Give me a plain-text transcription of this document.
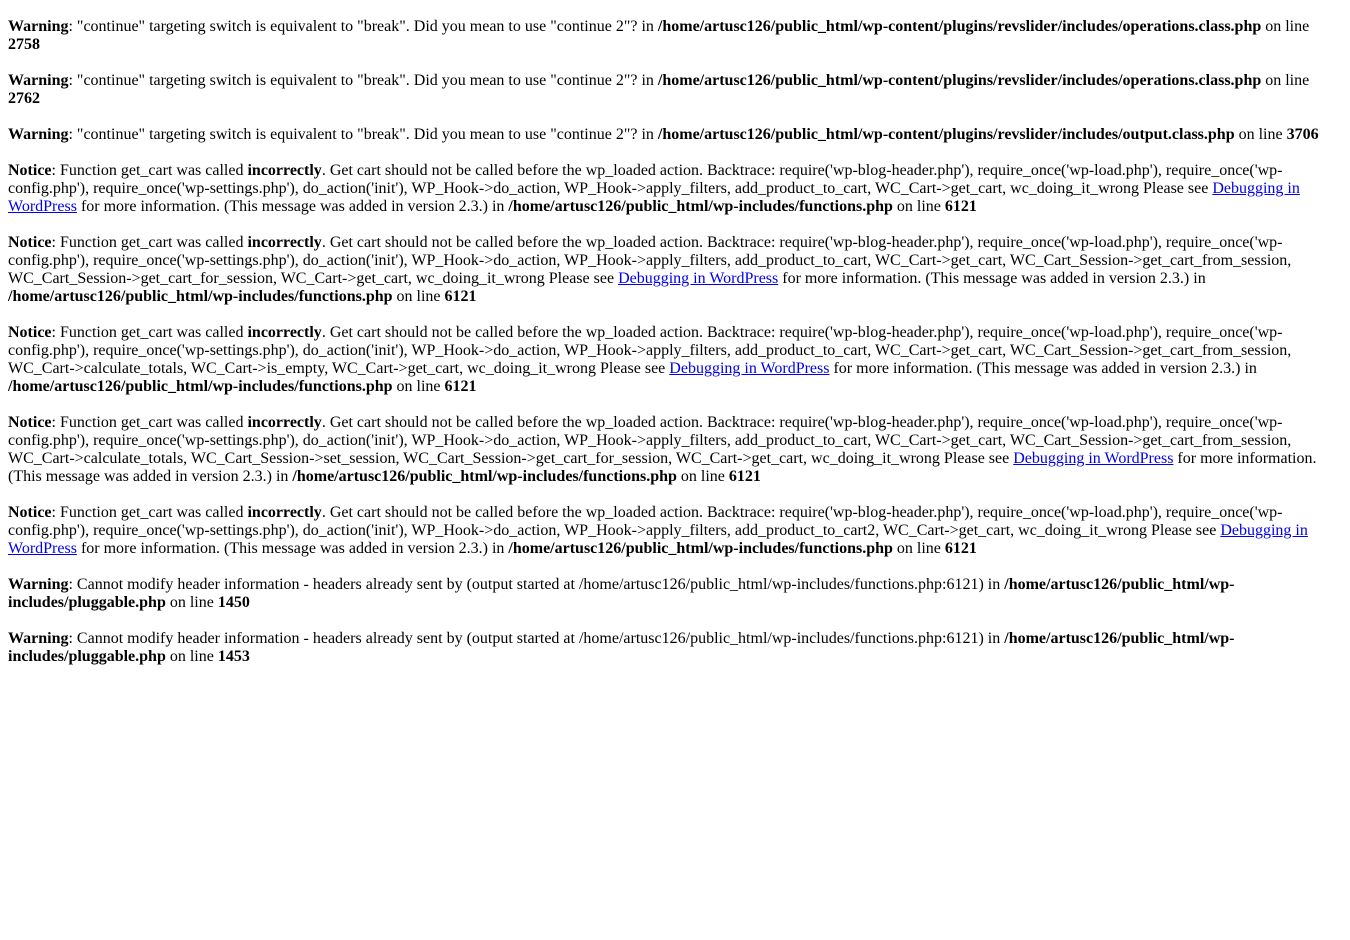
Warning: "continue" targeting switch is equivalent to "break". Did you mean to use "continue 2"? in /home/artusc126/public_html/wp-content/plugins/revslider/includes/operations.class.php on line 2758
Warning: "continue" targeting switch is equivalent to "break". Did you mean to use "continue 2"? in /home/artusc126/public_html/wp-content/plugins/revslider/includes/operations.class.php on line 2762
Warning: "continue" targeting switch is equivalent to "break". Did you mean to use "continue 2"? in /home/artusc126/public_html/wp-content/plugins/revslider/includes/output.class.php on line 3706
Notice: Function get_cart was called incorrectly. Get cart should not be called before the wp_loaded action. Backtrace: require('wp-blog-header.php'), require_once('wp-load.php'), require_once('wp-config.php'), require_once('wp-settings.php'), do_action('init'), WP_Hook->do_action, WP_Hook->apply_filters, add_product_to_cart, WC_Cart->get_cart, wc_doing_it_wrong Please see Debugging in WordPress for more information. (This message was added in version 2.3.) in /home/artusc126/public_html/wp-includes/functions.php on line 6121
Notice: Function get_cart was called incorrectly. Get cart should not be called before the wp_loaded action. Backtrace: require('wp-blog-header.php'), require_once('wp-load.php'), require_once('wp-config.php'), require_once('wp-settings.php'), do_action('init'), WP_Hook->do_action, WP_Hook->apply_filters, add_product_to_cart, WC_Cart->get_cart, WC_Cart_Session->get_cart_from_session, WC_Cart_Session->get_cart_for_session, WC_Cart->get_cart, wc_doing_it_wrong Please see Debugging in WordPress for more information. (This message was added in version 2.3.) in /home/artusc126/public_html/wp-includes/functions.php on line 6121
Notice: Function get_cart was called incorrectly. Get cart should not be called before the wp_loaded action. Backtrace: require('wp-blog-header.php'), require_once('wp-load.php'), require_once('wp-config.php'), require_once('wp-settings.php'), do_action('init'), WP_Hook->do_action, WP_Hook->apply_filters, add_product_to_cart, WC_Cart->get_cart, WC_Cart_Session->get_cart_from_session, WC_Cart->calculate_totals, WC_Cart->is_empty, WC_Cart->get_cart, wc_doing_it_wrong Please see Debugging in WordPress for more information. (This message was added in version 2.3.) in /home/artusc126/public_html/wp-includes/functions.php on line 6121
Notice: Function get_cart was called incorrectly. Get cart should not be called before the wp_loaded action. Backtrace: require('wp-blog-header.php'), require_once('wp-load.php'), require_once('wp-config.php'), require_once('wp-settings.php'), do_action('init'), WP_Hook->do_action, WP_Hook->apply_filters, add_product_to_cart, WC_Cart->get_cart, WC_Cart_Session->get_cart_from_session, WC_Cart->calculate_totals, WC_Cart_Session->set_session, WC_Cart_Session->get_cart_for_session, WC_Cart->get_cart, wc_doing_it_wrong Please see Debugging in WordPress for more information. (This message was added in version 2.3.) in /home/artusc126/public_html/wp-includes/functions.php on line 6121
Notice: Function get_cart was called incorrectly. Get cart should not be called before the wp_loaded action. Backtrace: require('wp-blog-header.php'), require_once('wp-load.php'), require_once('wp-config.php'), require_once('wp-settings.php'), do_action('init'), WP_Hook->do_action, WP_Hook->apply_filters, add_product_to_cart2, WC_Cart->get_cart, wc_doing_it_wrong Please see Debugging in WordPress for more information. (This message was added in version 2.3.) in /home/artusc126/public_html/wp-includes/functions.php on line 6121
Warning: Cannot modify header information - headers already sent by (output started at /home/artusc126/public_html/wp-includes/functions.php:6121) in /home/artusc126/public_html/wp-includes/pluggable.php on line 1450
Warning: Cannot modify header information - headers already sent by (output started at /home/artusc126/public_html/wp-includes/functions.php:6121) in /home/artusc126/public_html/wp-includes/pluggable.php on line 1453
